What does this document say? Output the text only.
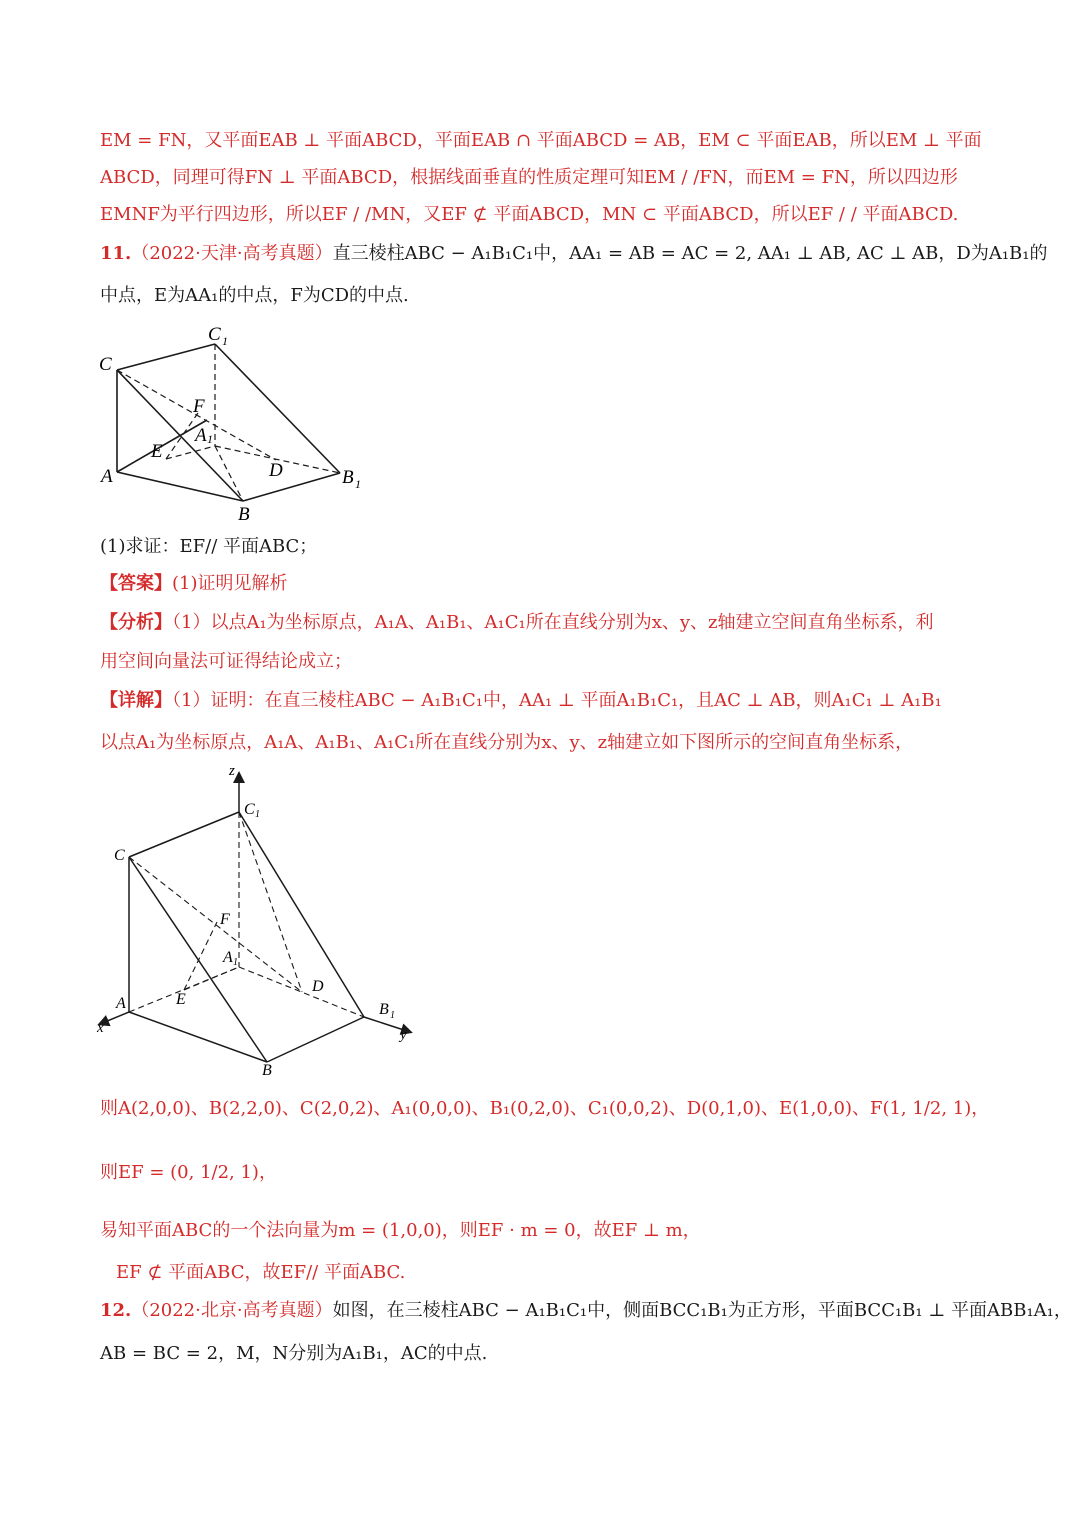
EM = FN，又平面EAB ⊥ 平面ABCD，平面EAB ∩ 平面ABCD = AB，EM ⊂ 平面EAB，所以EM ⊥ 平面
ABCD，同理可得FN ⊥ 平面ABCD，根据线面垂直的性质定理可知EM / /FN，而EM = FN，所以四边形
EMNF为平行四边形，所以EF / /MN，又EF ⊄ 平面ABCD，MN ⊂ 平面ABCD，所以EF / / 平面ABCD.
11.（2022·天津·高考真题）直三棱柱ABC − A₁B₁C₁中，AA₁ = AB = AC = 2, AA₁ ⊥ AB, AC ⊥ AB，D为A₁B₁的
中点，E为AA₁的中点，F为CD的中点.
C
C 1
A
B
B 1
E
F
A 1
D
(1)求证：EF// 平面ABC；
【答案】(1)证明见解析
【分析】（1）以点A₁为坐标原点，A₁A、A₁B₁、A₁C₁所在直线分别为x、y、z轴建立空间直角坐标系，利
用空间向量法可证得结论成立；
【详解】（1）证明：在直三棱柱ABC − A₁B₁C₁中，AA₁ ⊥ 平面A₁B₁C₁，且AC ⊥ AB，则A₁C₁ ⊥ A₁B₁
以点A₁为坐标原点，A₁A、A₁B₁、A₁C₁所在直线分别为x、y、z轴建立如下图所示的空间直角坐标系，
z
x	y
C
C 1
A
B
B 1
E
F
A 1
D
则A(2,0,0)、B(2,2,0)、C(2,0,2)、A₁(0,0,0)、B₁(0,2,0)、C₁(0,0,2)、D(0,1,0)、E(1,0,0)、F(1, 1/2, 1)，
则EF = (0, 1/2, 1)，
易知平面ABC的一个法向量为m = (1,0,0)，则EF · m = 0，故EF ⊥ m，
EF ⊄ 平面ABC，故EF// 平面ABC.
12.（2022·北京·高考真题）如图，在三棱柱ABC − A₁B₁C₁中，侧面BCC₁B₁为正方形，平面BCC₁B₁ ⊥ 平面ABB₁A₁，
AB = BC = 2，M，N分别为A₁B₁，AC的中点.
